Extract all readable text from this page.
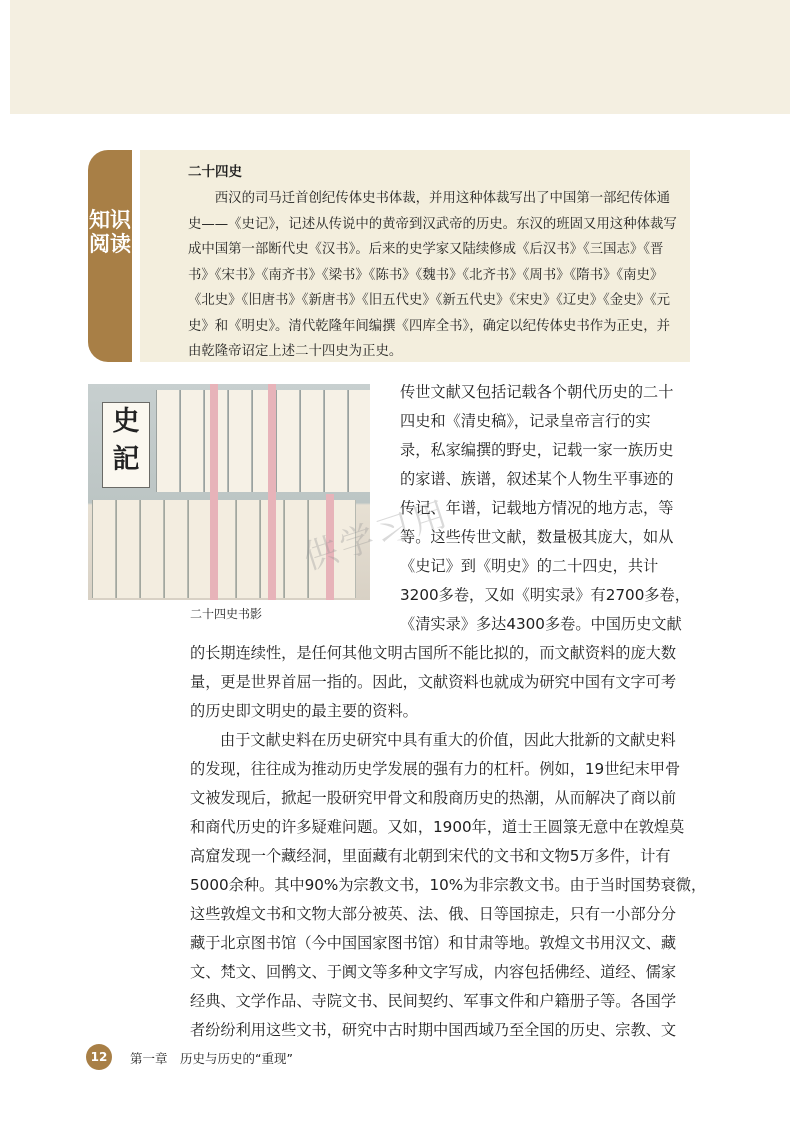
知识
阅读
二十四史
西汉的司马迁首创纪传体史书体裁，并用这种体裁写出了中国第一部纪传体通史——《史记》，记述从传说中的黄帝到汉武帝的历史。东汉的班固又用这种体裁写成中国第一部断代史《汉书》。后来的史学家又陆续修成《后汉书》《三国志》《晋书》《宋书》《南齐书》《梁书》《陈书》《魏书》《北齐书》《周书》《隋书》《南史》《北史》《旧唐书》《新唐书》《旧五代史》《新五代史》《宋史》《辽史》《金史》《元史》和《明史》。清代乾隆年间编撰《四库全书》，确定以纪传体史书作为正史，并由乾隆帝诏定上述二十四史为正史。
史
記
二十四史书影
供学习用
传世文献又包括记载各个朝代历史的二十
四史和《清史稿》，记录皇帝言行的实
录，私家编撰的野史，记载一家一族历史
的家谱、族谱，叙述某个人物生平事迹的
传记、年谱，记载地方情况的地方志，等
等。这些传世文献，数量极其庞大，如从
《史记》到《明史》的二十四史，共计
3200多卷，又如《明实录》有2700多卷，
《清实录》多达4300多卷。中国历史文献
的长期连续性，是任何其他文明古国所不能比拟的，而文献资料的庞大数
量，更是世界首屈一指的。因此，文献资料也就成为研究中国有文字可考
的历史即文明史的最主要的资料。
由于文献史料在历史研究中具有重大的价值，因此大批新的文献史料
的发现，往往成为推动历史学发展的强有力的杠杆。例如，19世纪末甲骨
文被发现后，掀起一股研究甲骨文和殷商历史的热潮，从而解决了商以前
和商代历史的许多疑难问题。又如，1900年，道士王圆箓无意中在敦煌莫
高窟发现一个藏经洞，里面藏有北朝到宋代的文书和文物5万多件，计有
5000余种。其中90%为宗教文书，10%为非宗教文书。由于当时国势衰微，
这些敦煌文书和文物大部分被英、法、俄、日等国掠走，只有一小部分分
藏于北京图书馆（今中国国家图书馆）和甘肃等地。敦煌文书用汉文、藏
文、梵文、回鹘文、于阗文等多种文字写成，内容包括佛经、道经、儒家
经典、文学作品、寺院文书、民间契约、军事文件和户籍册子等。各国学
者纷纷利用这些文书，研究中古时期中国西域乃至全国的历史、宗教、文
12	第一章　历史与历史的“重现”
